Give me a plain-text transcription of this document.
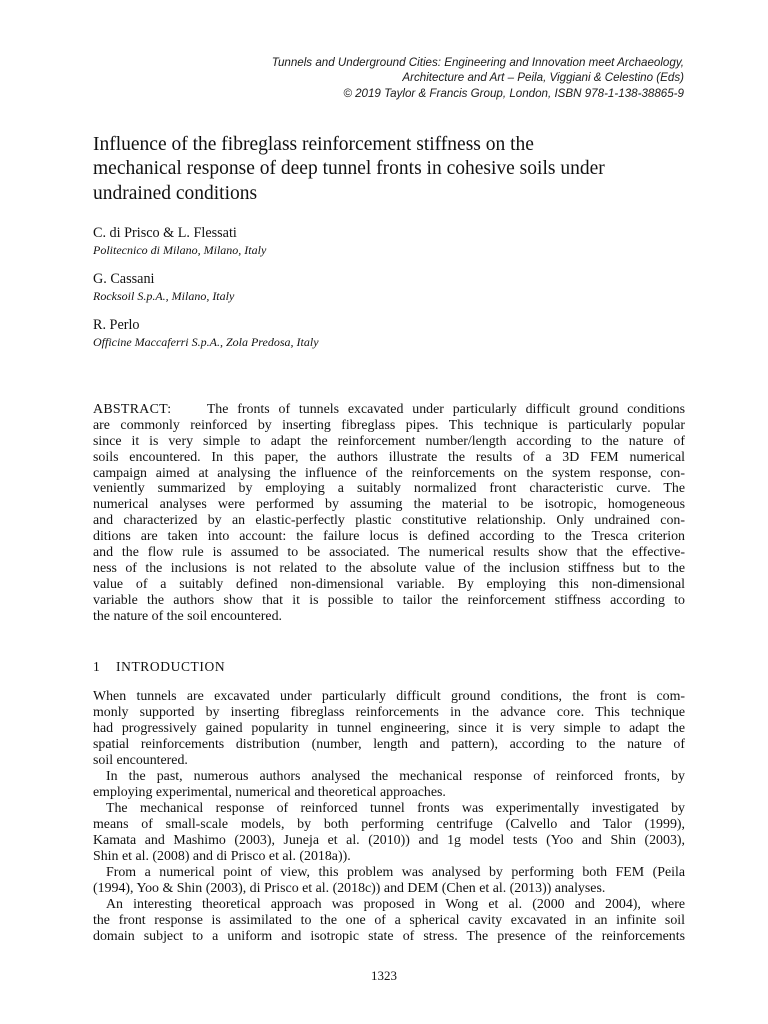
Tunnels and Underground Cities: Engineering and Innovation meet Archaeology,
Architecture and Art – Peila, Viggiani & Celestino (Eds)
© 2019 Taylor & Francis Group, London, ISBN 978-1-138-38865-9
Influence of the fibreglass reinforcement stiffness on the
mechanical response of deep tunnel fronts in cohesive soils under
undrained conditions
C. di Prisco & L. Flessati
Politecnico di Milano, Milano, Italy
G. Cassani
Rocksoil S.p.A., Milano, Italy
R. Perlo
Officine Maccaferri S.p.A., Zola Predosa, Italy
ABSTRACT:	The fronts of tunnels excavated under particularly difficult ground conditions
are commonly reinforced by inserting fibreglass pipes. This technique is particularly popular
since it is very simple to adapt the reinforcement number/length according to the nature of
soils encountered. In this paper, the authors illustrate the results of a 3D FEM numerical
campaign aimed at analysing the influence of the reinforcements on the system response, con-
veniently summarized by employing a suitably normalized front characteristic curve. The
numerical analyses were performed by assuming the material to be isotropic, homogeneous
and characterized by an elastic-perfectly plastic constitutive relationship. Only undrained con-
ditions are taken into account: the failure locus is defined according to the Tresca criterion
and the flow rule is assumed to be associated. The numerical results show that the effective-
ness of the inclusions is not related to the absolute value of the inclusion stiffness but to the
value of a suitably defined non-dimensional variable. By employing this non-dimensional
variable the authors show that it is possible to tailor the reinforcement stiffness according to
the nature of the soil encountered.
1 INTRODUCTION
When tunnels are excavated under particularly difficult ground conditions, the front is com-
monly supported by inserting fibreglass reinforcements in the advance core. This technique
had progressively gained popularity in tunnel engineering, since it is very simple to adapt the
spatial reinforcements distribution (number, length and pattern), according to the nature of
soil encountered.
In the past, numerous authors analysed the mechanical response of reinforced fronts, by
employing experimental, numerical and theoretical approaches.
The mechanical response of reinforced tunnel fronts was experimentally investigated by
means of small-scale models, by both performing centrifuge (Calvello and Talor (1999),
Kamata and Mashimo (2003), Juneja et al. (2010)) and 1g model tests (Yoo and Shin (2003),
Shin et al. (2008) and di Prisco et al. (2018a)).
From a numerical point of view, this problem was analysed by performing both FEM (Peila
(1994), Yoo & Shin (2003), di Prisco et al. (2018c)) and DEM (Chen et al. (2013)) analyses.
An interesting theoretical approach was proposed in Wong et al. (2000 and 2004), where
the front response is assimilated to the one of a spherical cavity excavated in an infinite soil
domain subject to a uniform and isotropic state of stress. The presence of the reinforcements
1323
